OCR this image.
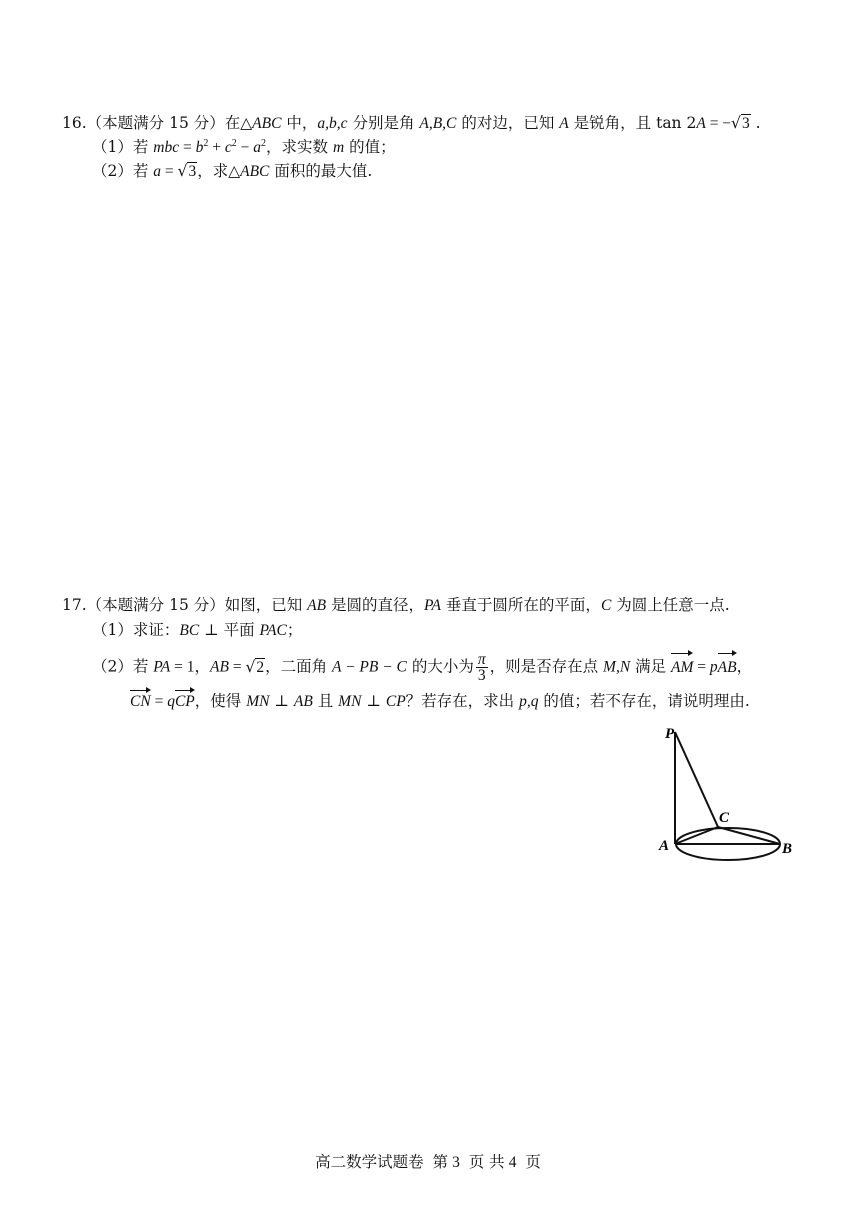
16.（本题满分 15 分）在△ABC 中，a,b,c 分别是角 A,B,C 的对边，已知 A 是锐角，且 tan 2A = −√3 .
（1）若 mbc = $b^2 + c^2 - a^2$，求实数 m 的值；
（2）若 a = √3，求△ABC 面积的最大值.
17.（本题满分 15 分）如图，已知 AB 是圆的直径，PA 垂直于圆所在的平面，C 为圆上任意一点.
（1）求证：BC ⊥ 平面 PAC；
（2）若 PA = 1，AB = √2，二面角 A − PB − C 的大小为 $\frac{\pi}{3}$ ，则是否存在点 M,N 满足 AM = pAB，
CN = qCP，使得 MN ⊥ AB 且 MN ⊥ CP？若存在，求出 p,q 的值；若不存在，请说明理由.
P
A	B
C
高二数学试题卷 第 3 页 共 4 页
